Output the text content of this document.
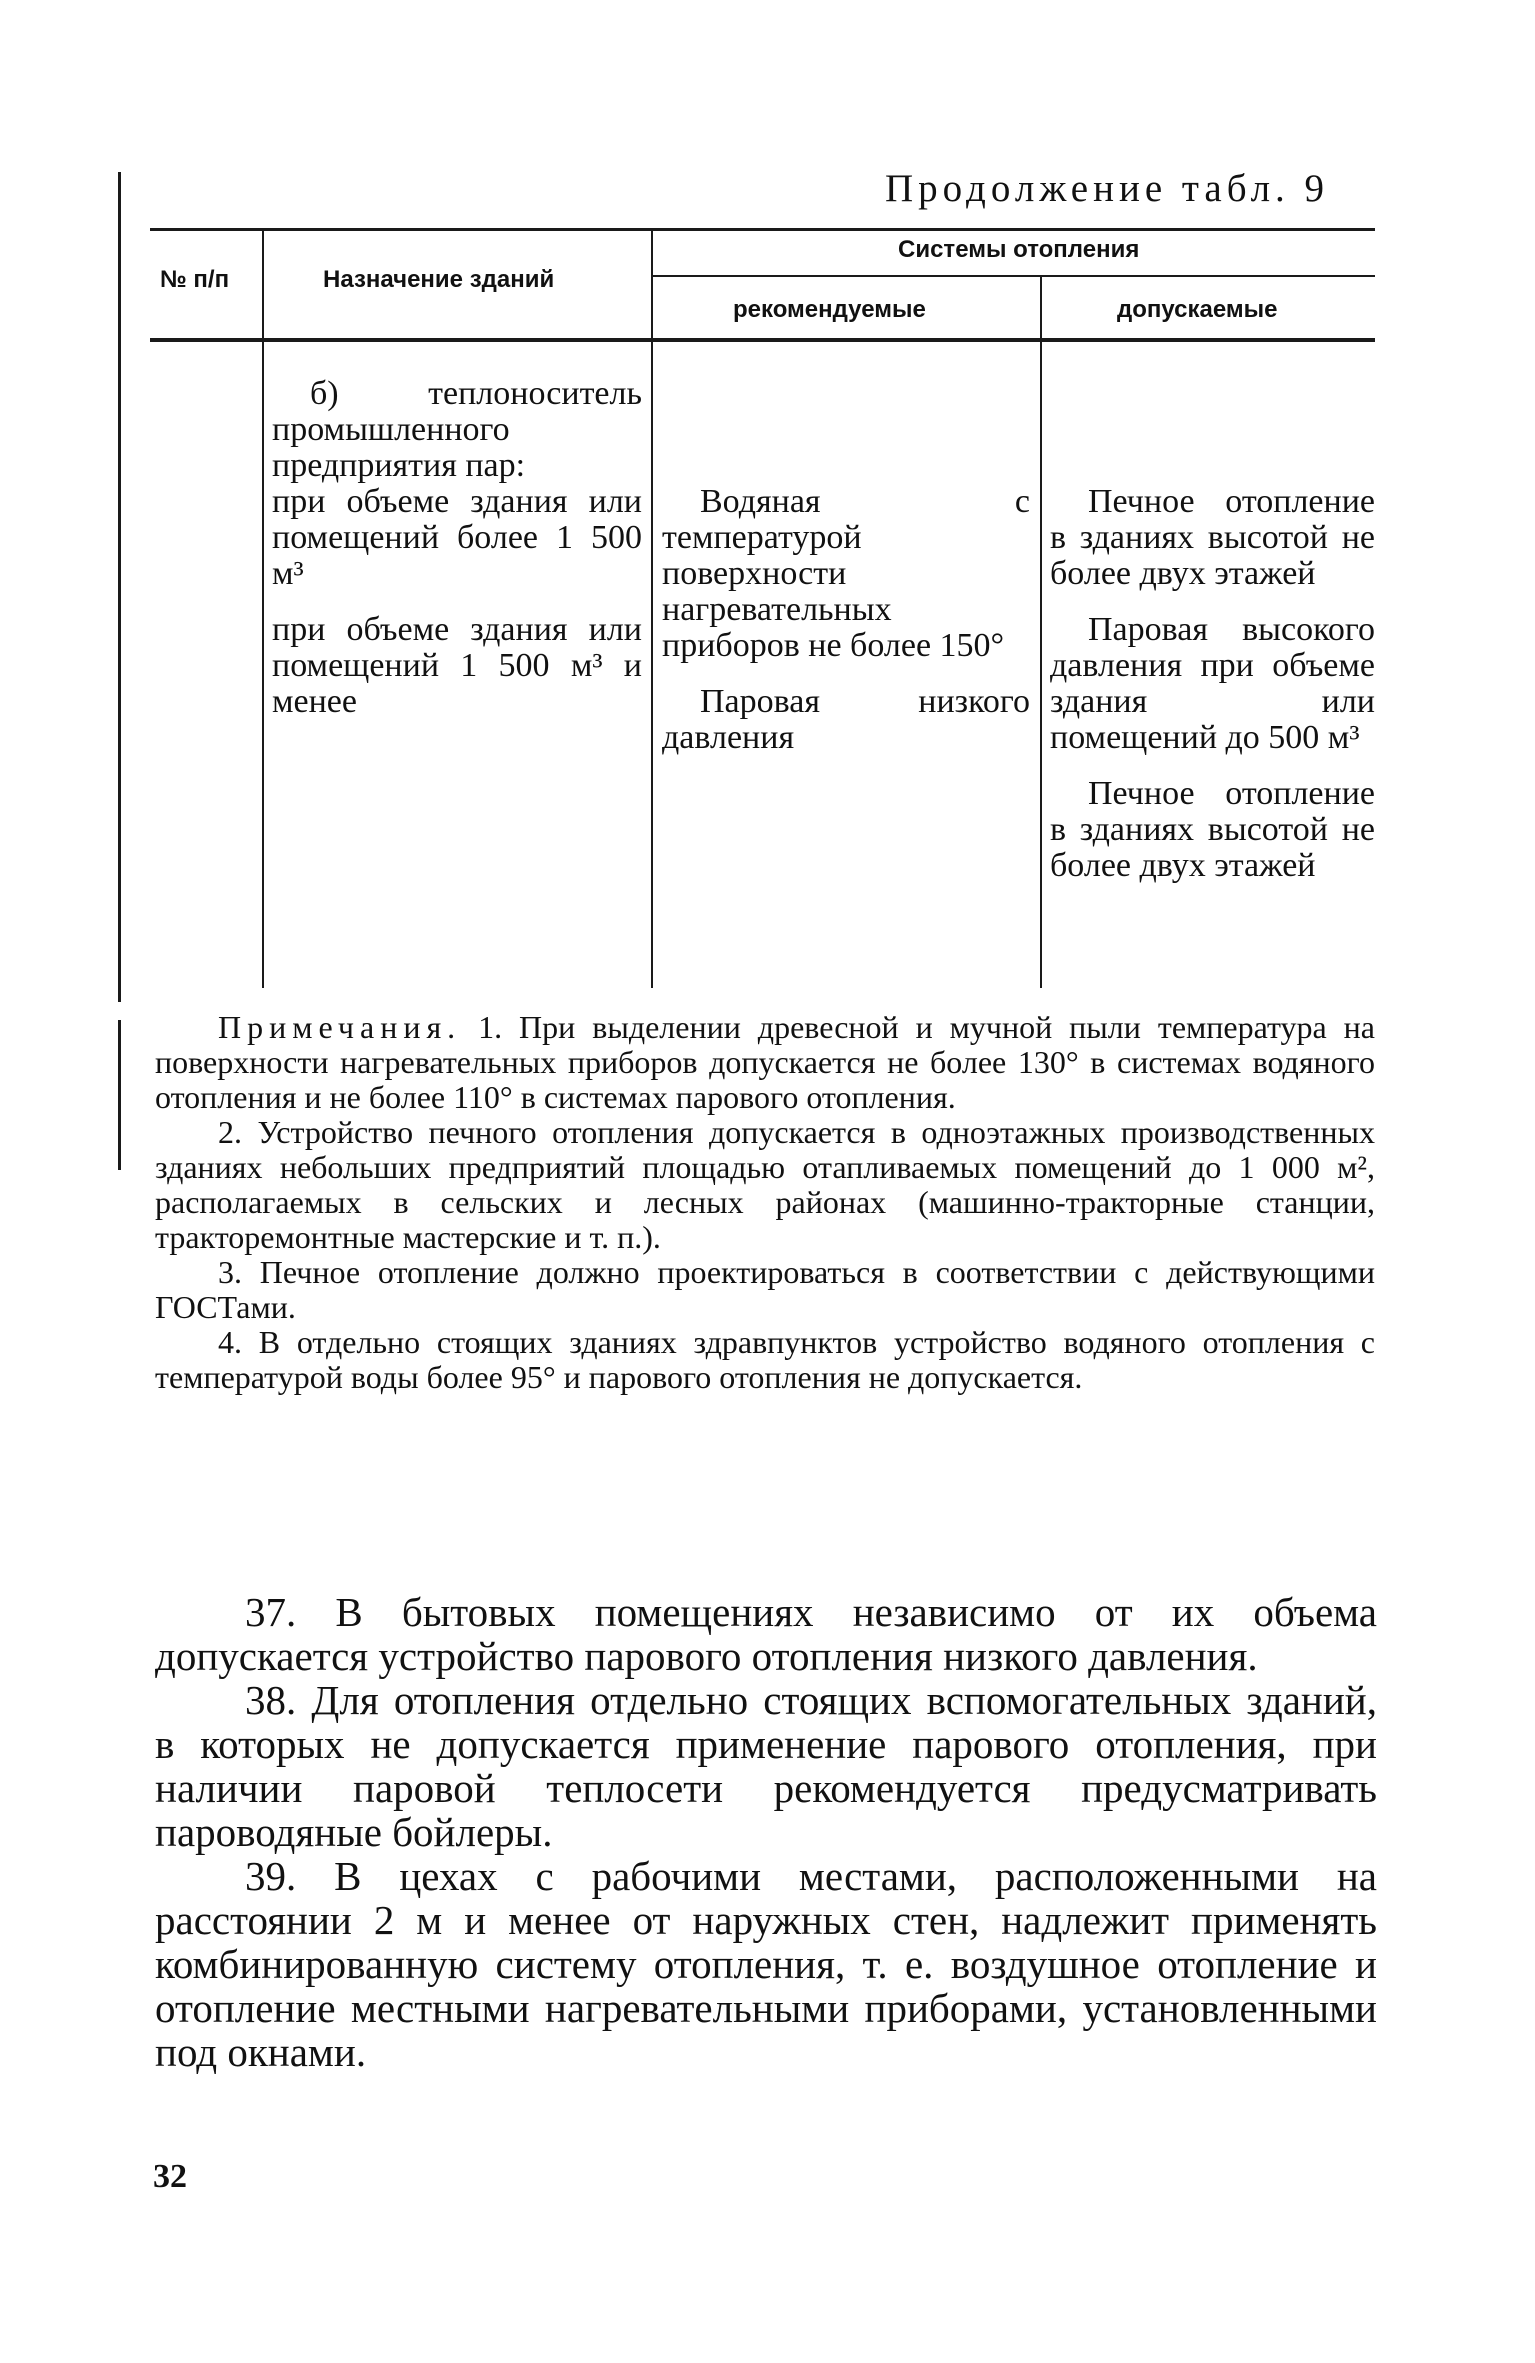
Продолжение табл. 9
№ п/п	Назначение зданий
Системы отопления
рекомендуемые	допускаемые

б) теплоноситель промышленного предприятия пар:

при объеме здания или помещений более 1 500 м³

при объеме здания или помещений 1 500 м³ и менее

Водяная с температурой поверхности нагревательных приборов не более 150°

Паровая низкого давления

Печное отопление в зданиях высотой не более двух этажей

Паровая высокого давления при объеме здания или помещений до 500 м³

Печное отопление в зданиях высотой не более двух этажей

Примечания. 1. При выделении древесной и мучной пыли температура на поверхности нагревательных приборов допускается не более 130° в системах водяного отопления и не более 110° в системах парового отопления.

2. Устройство печного отопления допускается в одноэтажных производственных зданиях небольших предприятий площадью отапливаемых помещений до 1 000 м², располагаемых в сельских и лесных районах (машинно-тракторные станции, тракторемонтные мастерские и т. п.).

3. Печное отопление должно проектироваться в соответствии с действующими ГОСТами.

4. В отдельно стоящих зданиях здравпунктов устройство водяного отопления с температурой воды более 95° и парового отопления не допускается.

37. В бытовых помещениях независимо от их объема допускается устройство парового отопления низкого давления.

38. Для отопления отдельно стоящих вспомогательных зданий, в которых не допускается применение парового отопления, при наличии паровой теплосети рекомендуется предусматривать пароводяные бойлеры.

39. В цехах с рабочими местами, расположенными на расстоянии 2 м и менее от наружных стен, надлежит применять комбинированную систему отопления, т. е. воздушное отопление и отопление местными нагревательными приборами, установленными под окнами.

32
